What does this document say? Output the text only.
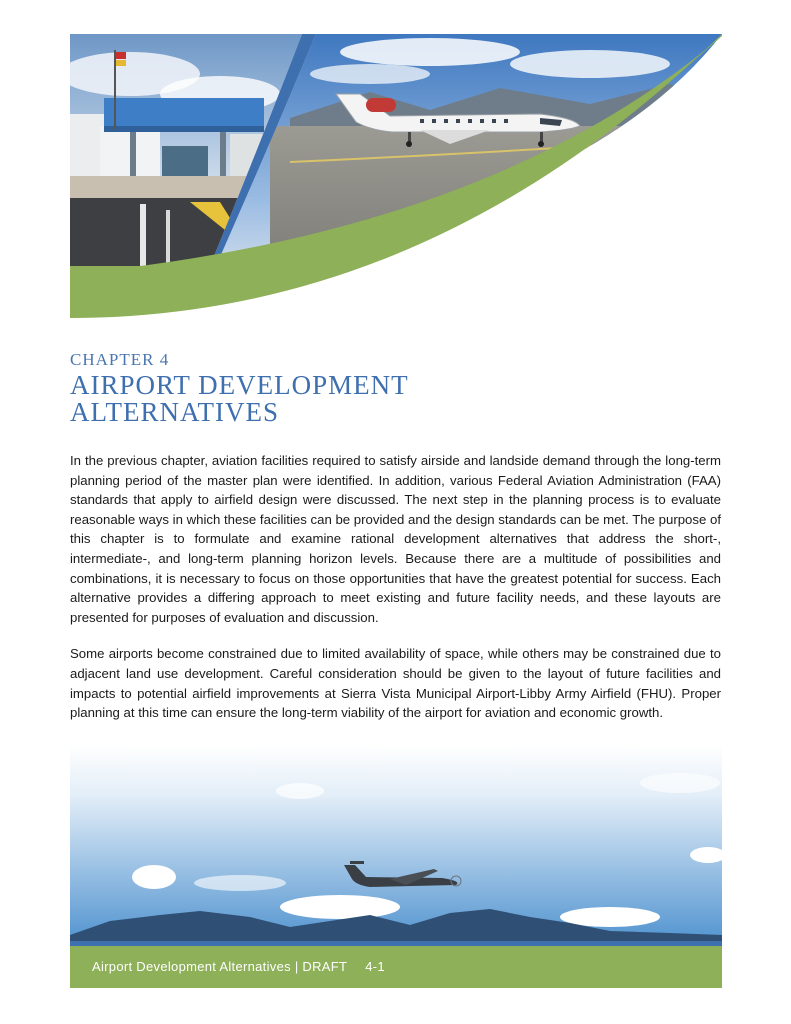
CHAPTER 4
AIRPORT DEVELOPMENT ALTERNATIVES

In the previous chapter, aviation facilities required to satisfy airside and landside demand through the long-term planning period of the master plan were identified. In addition, various Federal Aviation Administration (FAA) standards that apply to airfield design were discussed. The next step in the planning process is to evaluate reasonable ways in which these facilities can be provided and the design standards can be met. The purpose of this chapter is to formulate and examine rational development alternatives that address the short-, intermediate-, and long-term planning horizon levels. Because there are a multitude of possibilities and combinations, it is necessary to focus on those opportunities that have the greatest potential for success. Each alternative provides a differing approach to meet existing and future facility needs, and these layouts are presented for purposes of evaluation and discussion.

Some airports become constrained due to limited availability of space, while others may be constrained due to adjacent land use development. Careful consideration should be given to the layout of future facilities and impacts to potential airfield improvements at Sierra Vista Municipal Airport-Libby Army Airfield (FHU). Proper planning at this time can ensure the long-term viability of the airport for aviation and economic growth.

Airport Development Alternatives | DRAFT 4-1
